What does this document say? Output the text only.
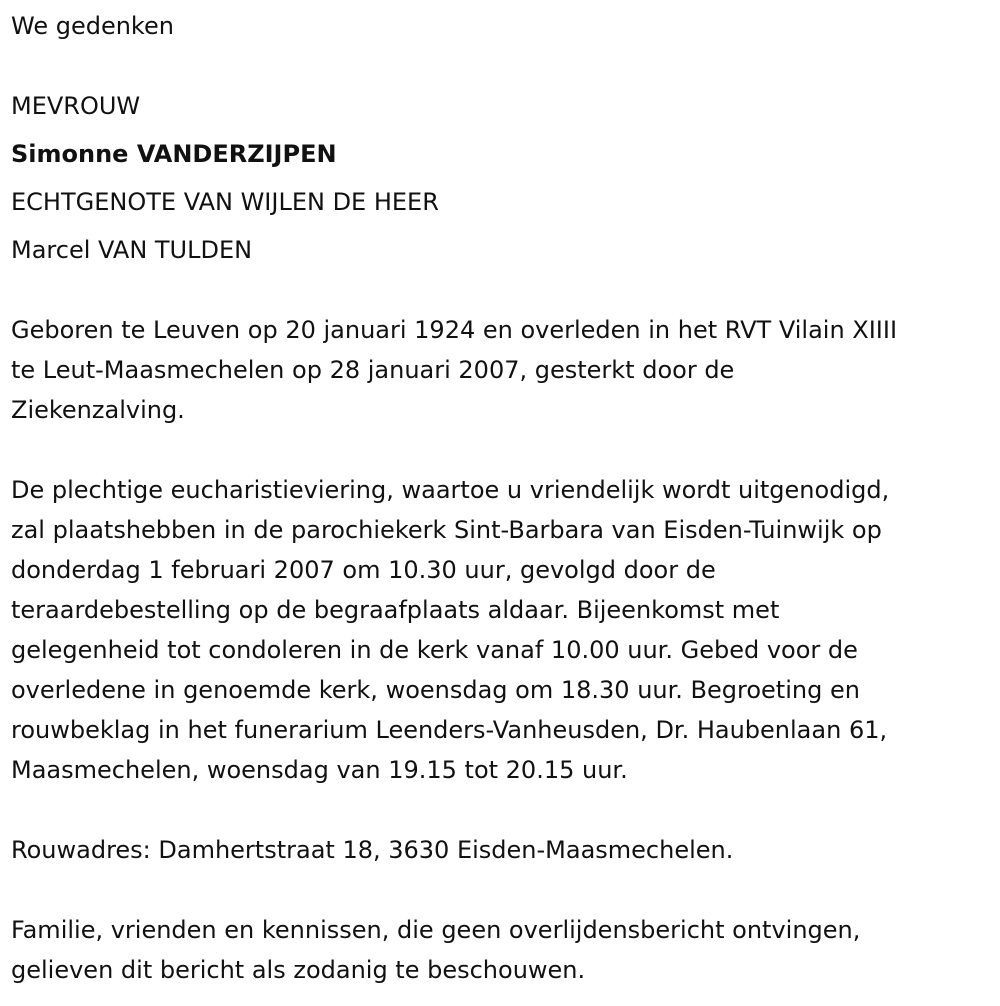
We gedenken

MEVROUW

Simonne VANDERZIJPEN

ECHTGENOTE VAN WIJLEN DE HEER

Marcel VAN TULDEN

Geboren te Leuven op 20 januari 1924 en overleden in het RVT Vilain XIIII

te Leut-Maasmechelen op 28 januari 2007, gesterkt door de

Ziekenzalving.

De plechtige eucharistieviering, waartoe u vriendelijk wordt uitgenodigd,

zal plaatshebben in de parochiekerk Sint-Barbara van Eisden-Tuinwijk op

donderdag 1 februari 2007 om 10.30 uur, gevolgd door de

teraardebestelling op de begraafplaats aldaar. Bijeenkomst met

gelegenheid tot condoleren in de kerk vanaf 10.00 uur. Gebed voor de

overledene in genoemde kerk, woensdag om 18.30 uur. Begroeting en

rouwbeklag in het funerarium Leenders-Vanheusden, Dr. Haubenlaan 61,

Maasmechelen, woensdag van 19.15 tot 20.15 uur.

Rouwadres: Damhertstraat 18, 3630 Eisden-Maasmechelen.

Familie, vrienden en kennissen, die geen overlijdensbericht ontvingen,

gelieven dit bericht als zodanig te beschouwen.
